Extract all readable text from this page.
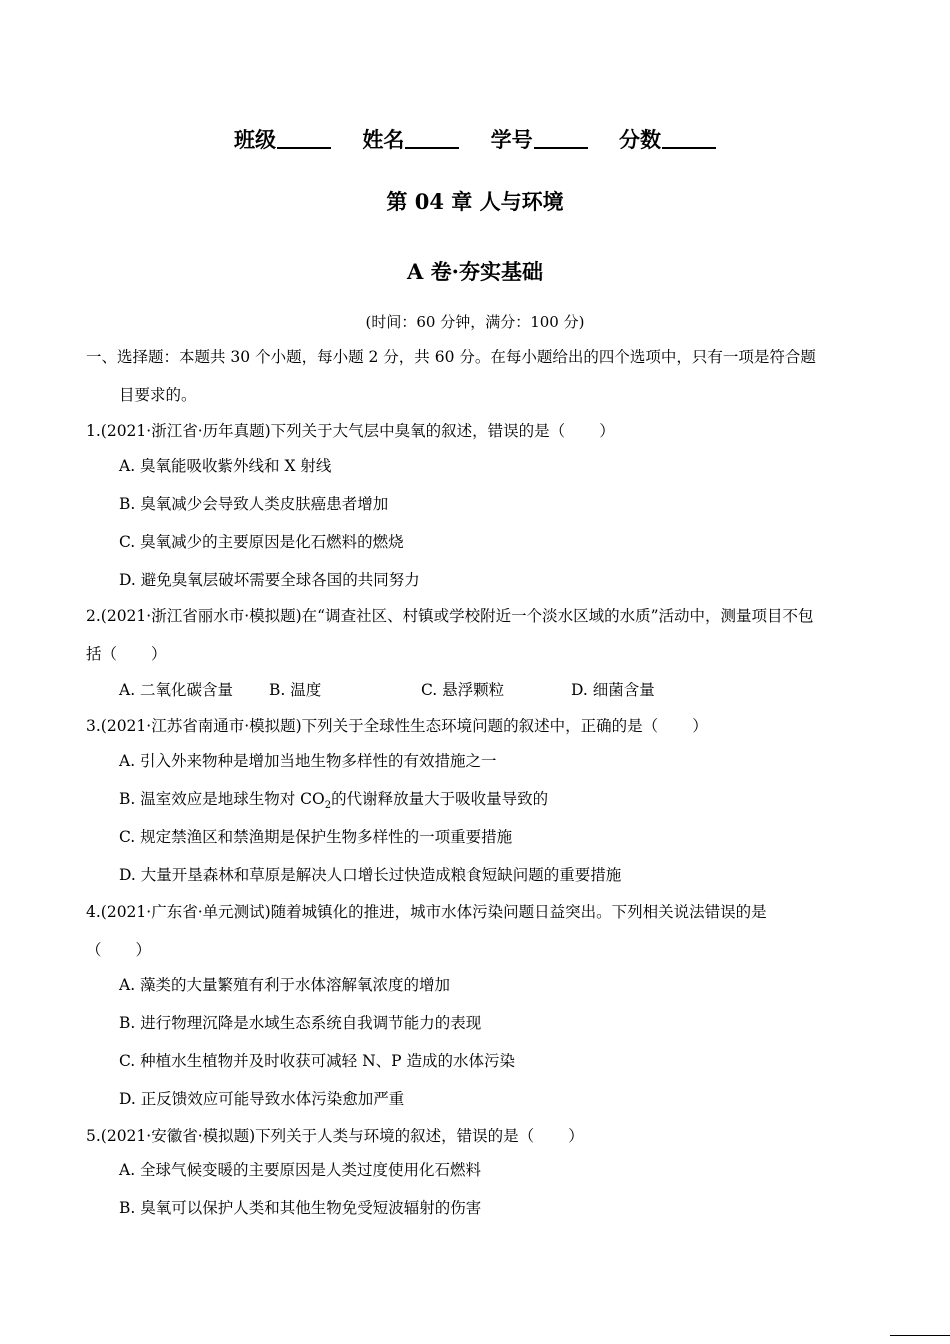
班级	姓名	学号	分数
第 04 章 人与环境
A 卷·夯实基础
(时间：60 分钟，满分：100 分)
一、选择题：本题共 30 个小题，每小题 2 分，共 60 分。在每小题给出的四个选项中，只有一项是符合题
目要求的。
1.(2021·浙江省·历年真题)下列关于大气层中臭氧的叙述，错误的是（ ）
A. 臭氧能吸收紫外线和 X 射线
B. 臭氧减少会导致人类皮肤癌患者增加
C. 臭氧减少的主要原因是化石燃料的燃烧
D. 避免臭氧层破坏需要全球各国的共同努力
2.(2021·浙江省丽水市·模拟题)在“调查社区、村镇或学校附近一个淡水区域的水质”活动中，测量项目不包
括（ ）
A. 二氧化碳含量 B. 温度	C. 悬浮颗粒	D. 细菌含量
3.(2021·江苏省南通市·模拟题)下列关于全球性生态环境问题的叙述中，正确的是（ ）
A. 引入外来物种是增加当地生物多样性的有效措施之一
B. 温室效应是地球生物对 $CO_2$的代谢释放量大于吸收量导致的
C. 规定禁渔区和禁渔期是保护生物多样性的一项重要措施
D. 大量开垦森林和草原是解决人口增长过快造成粮食短缺问题的重要措施
4.(2021·广东省·单元测试)随着城镇化的推进，城市水体污染问题日益突出。下列相关说法错误的是
（ ）
A. 藻类的大量繁殖有利于水体溶解氧浓度的增加
B. 进行物理沉降是水域生态系统自我调节能力的表现
C. 种植水生植物并及时收获可减轻 N、P 造成的水体污染
D. 正反馈效应可能导致水体污染愈加严重
5.(2021·安徽省·模拟题)下列关于人类与环境的叙述，错误的是（ ）
A. 全球气候变暖的主要原因是人类过度使用化石燃料
B. 臭氧可以保护人类和其他生物免受短波辐射的伤害
